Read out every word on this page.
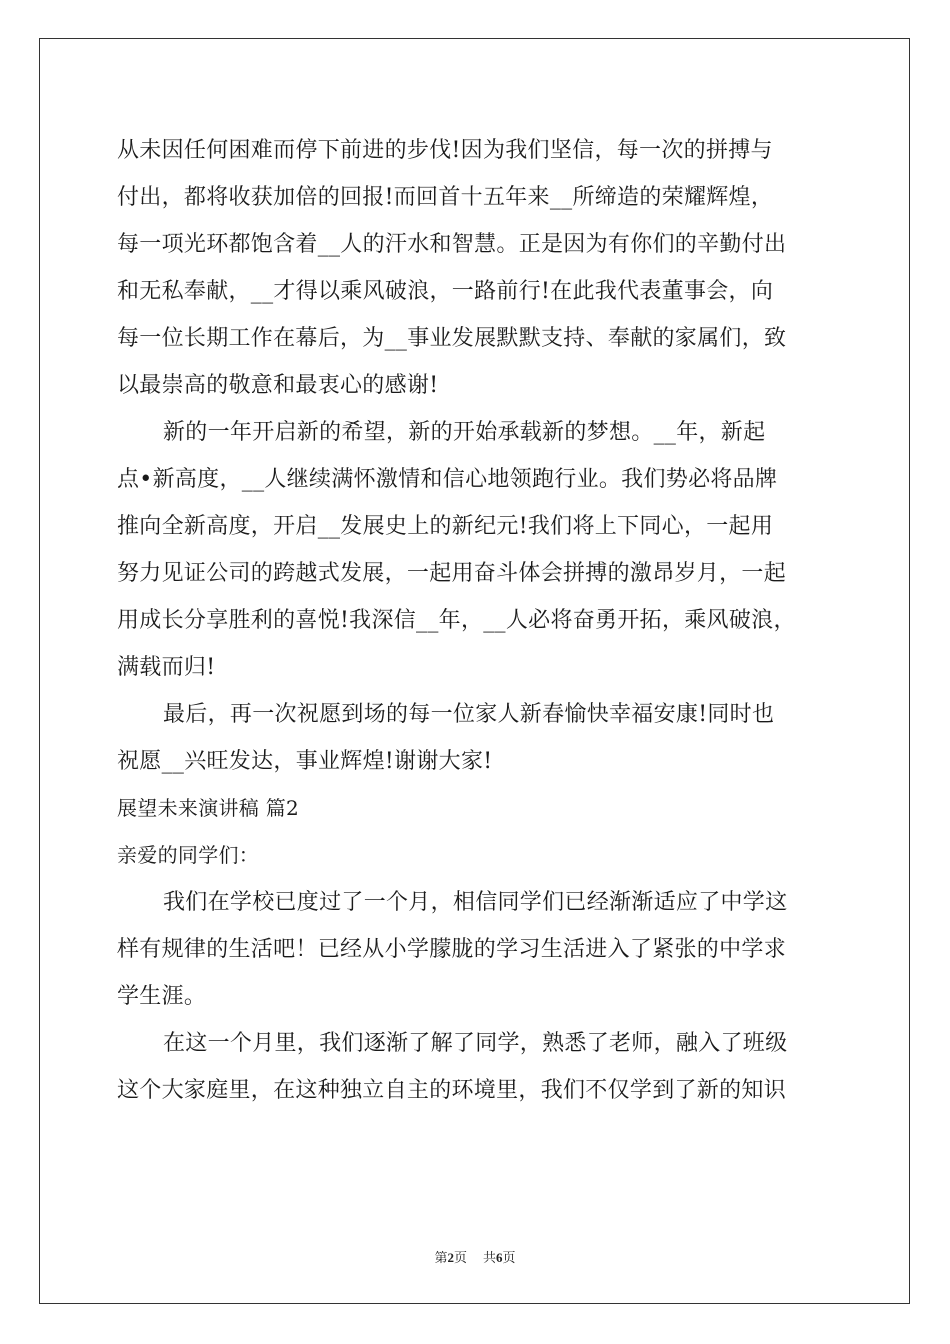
从未因任何困难而停下前进的步伐!因为我们坚信，每一次的拼搏与
付出，都将收获加倍的回报!而回首十五年来__所缔造的荣耀辉煌，
每一项光环都饱含着__人的汗水和智慧。正是因为有你们的辛勤付出
和无私奉献，__才得以乘风破浪，一路前行!在此我代表董事会，向
每一位长期工作在幕后，为__事业发展默默支持、奉献的家属们，致
以最崇高的敬意和最衷心的感谢!
新的一年开启新的希望，新的开始承载新的梦想。__年，新起
点•新高度，__人继续满怀激情和信心地领跑行业。我们势必将品牌
推向全新高度，开启__发展史上的新纪元!我们将上下同心，一起用
努力见证公司的跨越式发展，一起用奋斗体会拼搏的激昂岁月，一起
用成长分享胜利的喜悦!我深信__年，__人必将奋勇开拓，乘风破浪，
满载而归!
最后，再一次祝愿到场的每一位家人新春愉快幸福安康!同时也
祝愿__兴旺发达，事业辉煌!谢谢大家!
展望未来演讲稿 篇2
亲爱的同学们：
我们在学校已度过了一个月，相信同学们已经渐渐适应了中学这
样有规律的生活吧！已经从小学朦胧的学习生活进入了紧张的中学求
学生涯。
在这一个月里，我们逐渐了解了同学，熟悉了老师，融入了班级
这个大家庭里，在这种独立自主的环境里，我们不仅学到了新的知识
第2页 共6页
